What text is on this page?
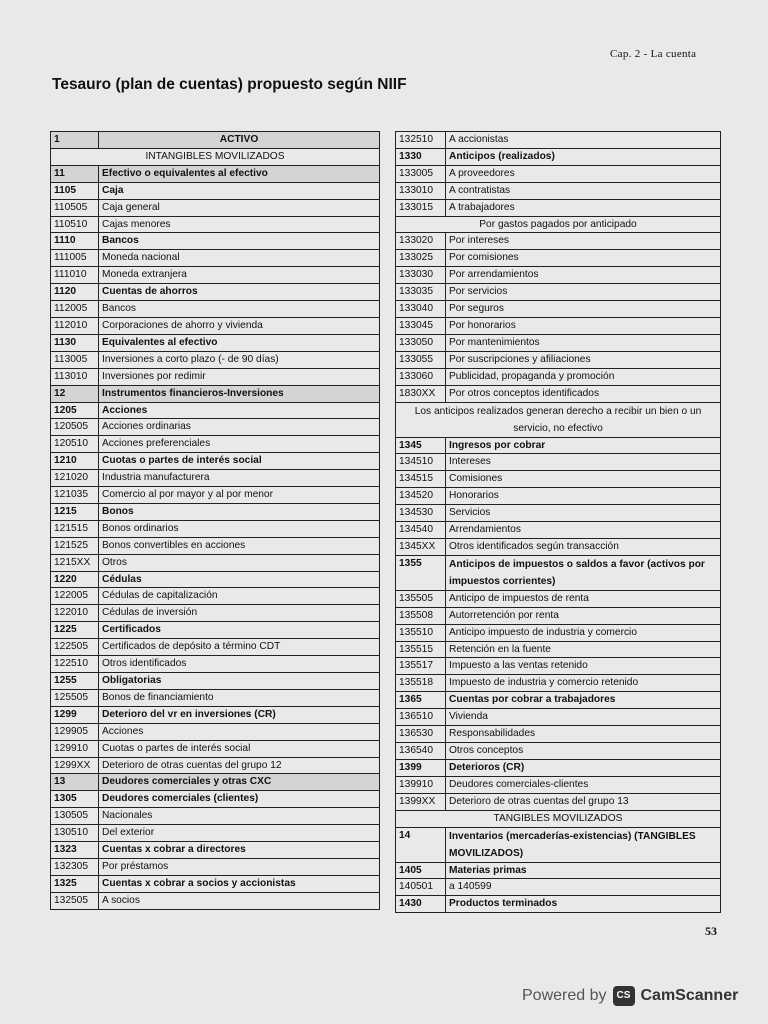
Cap. 2 - La cuenta
Tesauro (plan de cuentas) propuesto según NIIF
1	ACTIVO
INTANGIBLES MOVILIZADOS	
11	Efectivo o equivalentes al efectivo
1105	Caja
110505	Caja general
110510	Cajas menores
1110	Bancos
111005	Moneda nacional
111010	Moneda extranjera
1120	Cuentas de ahorros
112005	Bancos
112010	Corporaciones de ahorro y vivienda
1130	Equivalentes al efectivo
113005	Inversiones a corto plazo (- de 90 días)
113010	Inversiones por redimir
12	Instrumentos financieros-Inversiones
1205	Acciones
120505	Acciones ordinarias
120510	Acciones preferenciales
1210	Cuotas o partes de interés social
121020	Industria manufacturera
121035	Comercio al por mayor y al por menor
1215	Bonos
121515	Bonos ordinarios
121525	Bonos convertibles en acciones
1215XX	Otros
1220	Cédulas
122005	Cédulas de capitalización
122010	Cédulas de inversión
1225	Certificados
122505	Certificados de depósito a término CDT
122510	Otros identificados
1255	Obligatorias
125505	Bonos de financiamiento
1299	Deterioro del vr en inversiones (CR)
129905	Acciones
129910	Cuotas o partes de interés social
1299XX	Deterioro de otras cuentas del grupo 12
13	Deudores comerciales y otras CXC
1305	Deudores comerciales (clientes)
130505	Nacionales
130510	Del exterior
1323	Cuentas x cobrar a directores
132305	Por préstamos
1325	Cuentas x cobrar a socios y accionistas
132505	A socios
132510	A accionistas
1330	Anticipos (realizados)
133005	A proveedores
133010	A contratistas
133015	A trabajadores
Por gastos pagados por anticipado	
133020	Por intereses
133025	Por comisiones
133030	Por arrendamientos
133035	Por servicios
133040	Por seguros
133045	Por honorarios
133050	Por mantenimientos
133055	Por suscripciones y afiliaciones
133060	Publicidad, propaganda y promoción
1830XX	Por otros conceptos identificados
Los anticipos realizados generan derecho a recibir un bien o un servicio, no efectivo	
1345	Ingresos por cobrar
134510	Intereses
134515	Comisiones
134520	Honorarios
134530	Servicios
134540	Arrendamientos
1345XX	Otros identificados según transacción
1355	Anticipos de impuestos o saldos a favor (activos por impuestos corrientes)
135505	Anticipo de impuestos de renta
135508	Autorretención por renta
135510	Anticipo impuesto de industria y comercio
135515	Retención en la fuente
135517	Impuesto a las ventas retenido
135518	Impuesto de industria y comercio retenido
1365	Cuentas por cobrar a trabajadores
136510	Vivienda
136530	Responsabilidades
136540	Otros conceptos
1399	Deterioros (CR)
139910	Deudores comerciales-clientes
1399XX	Deterioro de otras cuentas del grupo 13
TANGIBLES MOVILIZADOS	
14	Inventarios (mercaderías-existencias) (TANGIBLES MOVILIZADOS)
1405	Materias primas
140501	a 140599
1430	Productos terminados
53
Powered by	CS CamScanner
